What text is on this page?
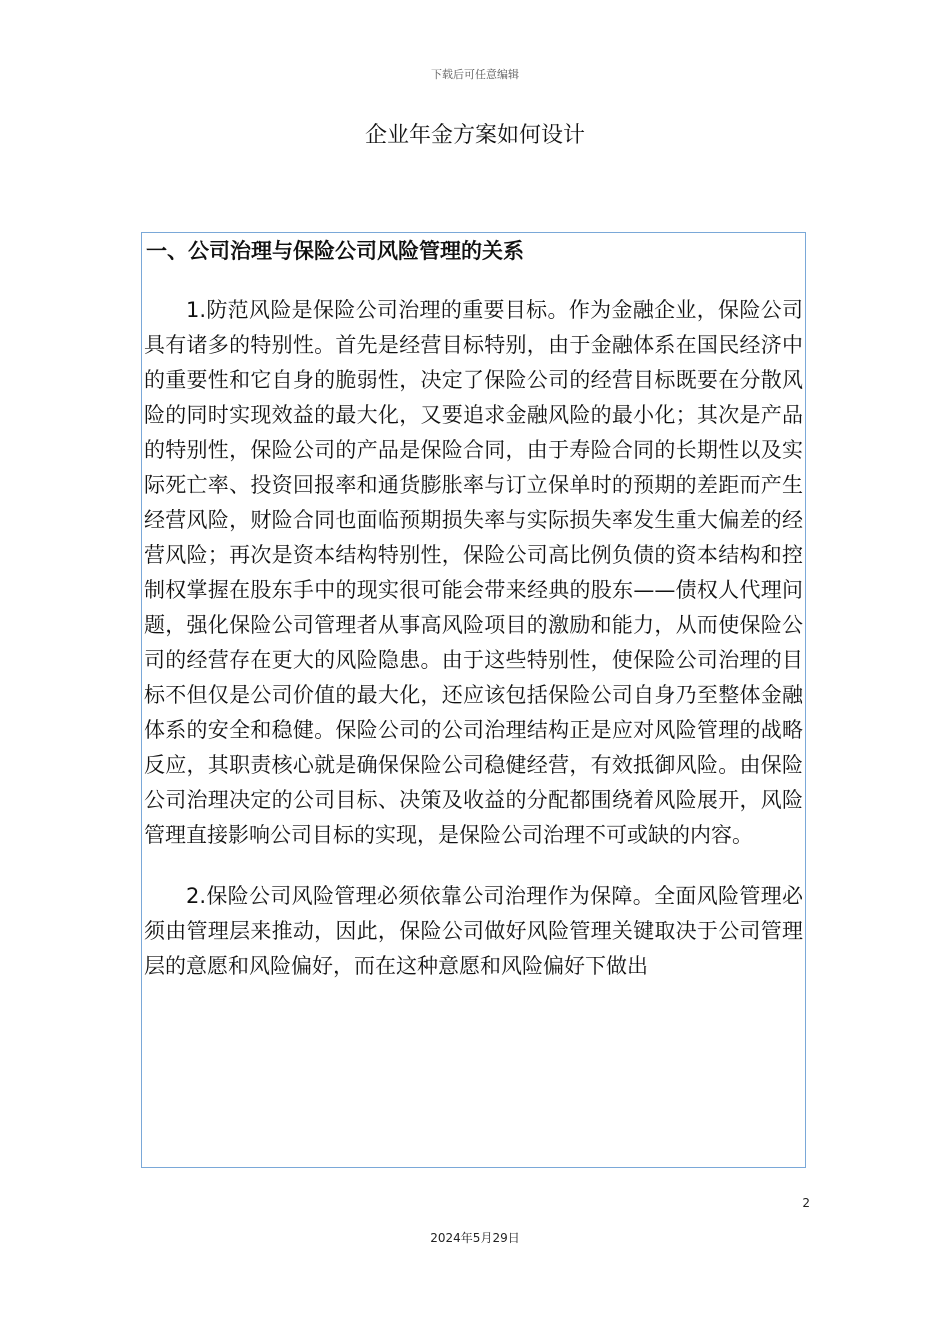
下载后可任意编辑
企业年金方案如何设计
一、公司治理与保险公司风险管理的关系

1.防范风险是保险公司治理的重要目标。作为金融企业，保险公司具有诸多的特别性。首先是经营目标特别，由于金融体系在国民经济中的重要性和它自身的脆弱性，决定了保险公司的经营目标既要在分散风险的同时实现效益的最大化，又要追求金融风险的最小化；其次是产品的特别性，保险公司的产品是保险合同，由于寿险合同的长期性以及实际死亡率、投资回报率和通货膨胀率与订立保单时的预期的差距而产生经营风险，财险合同也面临预期损失率与实际损失率发生重大偏差的经营风险；再次是资本结构特别性，保险公司高比例负债的资本结构和控制权掌握在股东手中的现实很可能会带来经典的股东——债权人代理问题，强化保险公司管理者从事高风险项目的激励和能力，从而使保险公司的经营存在更大的风险隐患。由于这些特别性，使保险公司治理的目标不但仅是公司价值的最大化，还应该包括保险公司自身乃至整体金融体系的安全和稳健。保险公司的公司治理结构正是应对风险管理的战略反应，其职责核心就是确保保险公司稳健经营，有效抵御风险。由保险公司治理决定的公司目标、决策及收益的分配都围绕着风险展开，风险管理直接影响公司目标的实现，是保险公司治理不可或缺的内容。

2.保险公司风险管理必须依靠公司治理作为保障。全面风险管理必须由管理层来推动，因此，保险公司做好风险管理关键取决于公司管理层的意愿和风险偏好，而在这种意愿和风险偏好下做出

2
2024年5月29日
